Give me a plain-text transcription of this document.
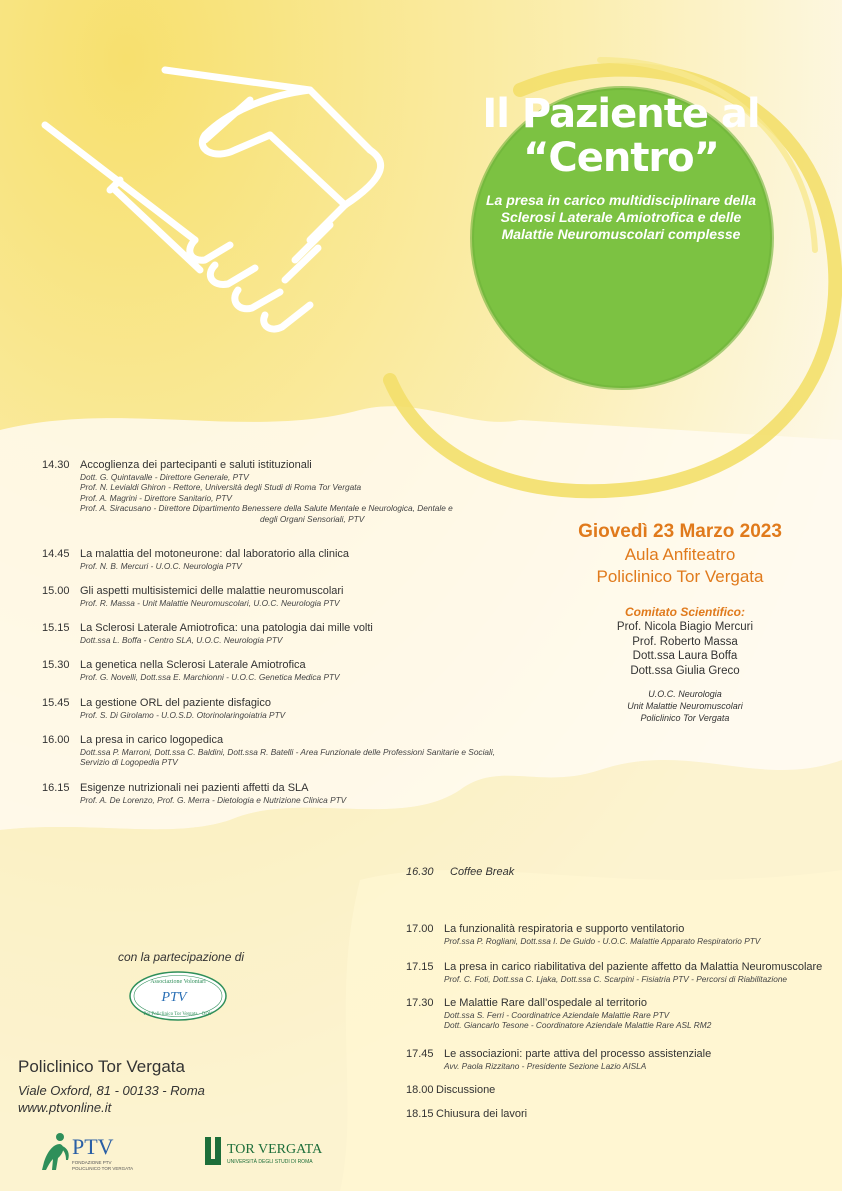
Il Paziente al
“Centro”
La presa in carico multidisciplinare della Sclerosi Laterale Amiotrofica e delle Malattie Neuromuscolari complesse
Giovedì 23 Marzo 2023
Aula Anfiteatro
Policlinico Tor Vergata
Comitato Scientifico:
Prof. Nicola Biagio Mercuri
Prof. Roberto Massa
Dott.ssa Laura Boffa
Dott.ssa Giulia Greco
U.O.C. Neurologia
Unit Malattie Neuromuscolari
Policlinico Tor Vergata
14.30 Accoglienza dei partecipanti e saluti istituzionali
Dott. G. Quintavalle - Direttore Generale, PTV
Prof. N. Levialdi Ghiron - Rettore, Università degli Studi di Roma Tor Vergata
Prof. A. Magrini - Direttore Sanitario, PTV
Prof. A. Siracusano - Direttore Dipartimento Benessere della Salute Mentale e Neurologica, Dentale e
degli Organi Sensoriali, PTV
14.45 La malattia del motoneurone: dal laboratorio alla clinica
Prof. N. B. Mercuri - U.O.C. Neurologia PTV
15.00 Gli aspetti multisistemici delle malattie neuromuscolari
Prof. R. Massa - Unit Malattie Neuromuscolari, U.O.C. Neurologia PTV
15.15 La Sclerosi Laterale Amiotrofica: una patologia dai mille volti
Dott.ssa L. Boffa - Centro SLA, U.O.C. Neurologia PTV
15.30 La genetica nella Sclerosi Laterale Amiotrofica
Prof. G. Novelli, Dott.ssa E. Marchionni - U.O.C. Genetica Medica PTV
15.45 La gestione ORL del paziente disfagico
Prof. S. Di Girolamo - U.O.S.D. Otorinolaringoiatria PTV
16.00 La presa in carico logopedica
Dott.ssa P. Marroni, Dott.ssa C. Baldini, Dott.ssa R. Batelli - Area Funzionale delle Professioni Sanitarie e Sociali,
Servizio di Logopedia PTV
16.15 Esigenze nutrizionali nei pazienti affetti da SLA
Prof. A. De Lorenzo, Prof. G. Merra - Dietologia e Nutrizione Clinica PTV
16.30	Coffee Break
17.00 La funzionalità respiratoria e supporto ventilatorio
Prof.ssa P. Rogliani, Dott.ssa I. De Guido - U.O.C. Malattie Apparato Respiratorio PTV
17.15 La presa in carico riabilitativa del paziente affetto da Malattia Neuromuscolare
Prof. C. Foti, Dott.ssa C. Ljaka, Dott.ssa C. Scarpini - Fisiatria PTV - Percorsi di Riabilitazione
17.30 Le Malattie Rare dall’ospedale al territorio
Dott.ssa S. Ferri - Coordinatrice Aziendale Malattie Rare PTV
Dott. Giancarlo Tesone - Coordinatore Aziendale Malattie Rare ASL RM2
17.45 Le associazioni: parte attiva del processo assistenziale
Avv. Paola Rizzitano - Presidente Sezione Lazio AISLA
18.00 Discussione
18.15 Chiusura dei lavori
con la partecipazione di
Associazione Volontari
PTV
Per Policlinico Tor Vergata - ODV
Policlinico Tor Vergata
Viale Oxford, 81 - 00133 - Roma
www.ptvonline.it
PTV
FONDAZIONE PTV
POLICLINICO TOR VERGATA
TOR VERGATA
UNIVERSITÀ DEGLI STUDI DI ROMA
